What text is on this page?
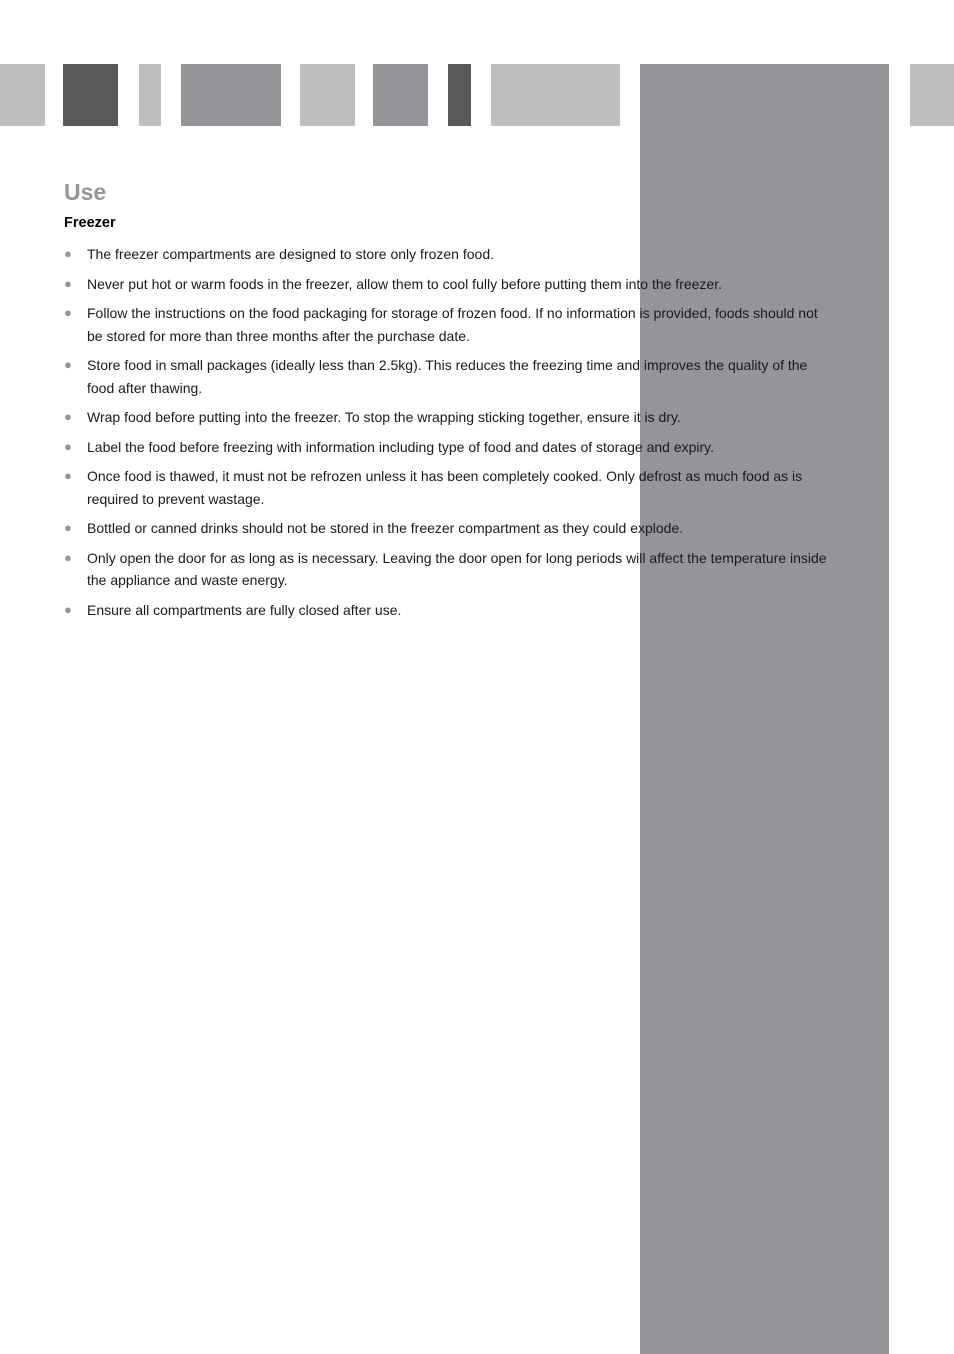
Use
Freezer
● The freezer compartments are designed to store only frozen food.
● Never put hot or warm foods in the freezer, allow them to cool fully before putting them into the freezer.
● Follow the instructions on the food packaging for storage of frozen food. If no information is provided, foods should not be stored for more than three months after the purchase date.
● Store food in small packages (ideally less than 2.5kg). This reduces the freezing time and improves the quality of the food after thawing.
● Wrap food before putting into the freezer. To stop the wrapping sticking together, ensure it is dry.
● Label the food before freezing with information including type of food and dates of storage and expiry.
● Once food is thawed, it must not be refrozen unless it has been completely cooked. Only defrost as much food as is required to prevent wastage.
● Bottled or canned drinks should not be stored in the freezer compartment as they could explode.
● Only open the door for as long as is necessary. Leaving the door open for long periods will affect the temperature inside the appliance and waste energy.
● Ensure all compartments are fully closed after use.
